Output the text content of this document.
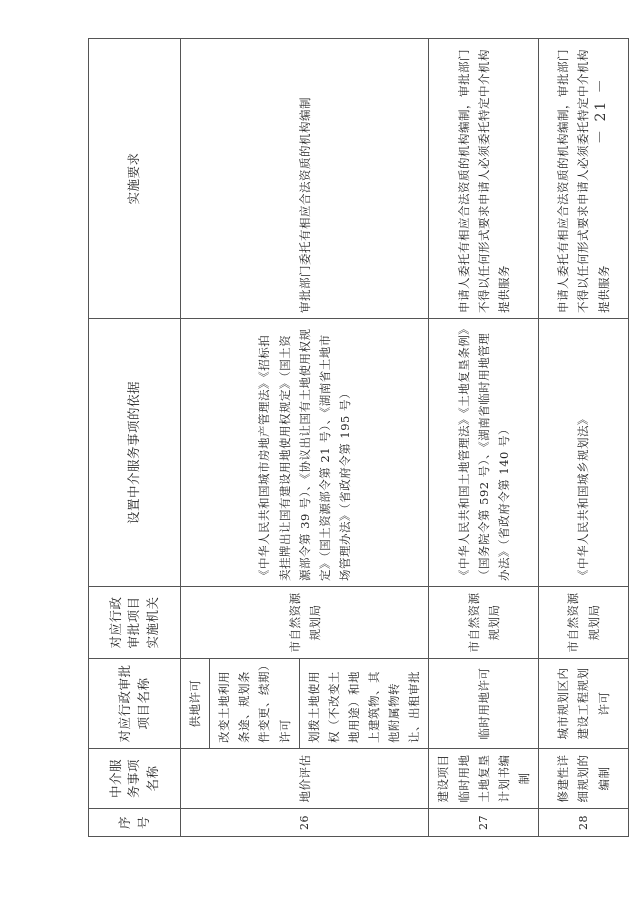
序号	中介服务事项名称	对应行政审批项目名称	对应行政审批项目实施机关	设置中介服务事项的依据	实施要求
26	地价评估	供地许可	市自然资源规划局	《中华人民共和国城市房地产管理法》《招标拍卖挂牌出让国有建设用地使用权规定》（国土资源部令第 39 号）、《协议出让国有土地使用权规定》（国土资源部令第 21 号）、《湖南省土地市场管理办法》（省政府令第 195 号）	审批部门委托有相应合法资质的机构编制
		改变土地利用条途、规划条件变更、续期）许可			
		划拨土地使用权（不改变土地用途）和地上建筑物、其他附属物转让、出租审批			
27	建设项目临时用地土地复垦计划书编制	临时用地许可	市自然资源规划局	《中华人民共和国土地管理法》《土地复垦条例》（国务院令第 592 号）、《湖南省临时用地管理办法》（省政府令第 140 号）	申请人委托有相应合法资质的机构编制，审批部门不得以任何形式要求申请人必须委托特定中介机构提供服务
28	修建性详细规划的编制	城市规划区内建设工程规划许可	市自然资源规划局	《中华人民共和国城乡规划法》	申请人委托有相应合法资质的机构编制，审批部门不得以任何形式要求申请人必须委托特定中介机构提供服务
－ 21 －
